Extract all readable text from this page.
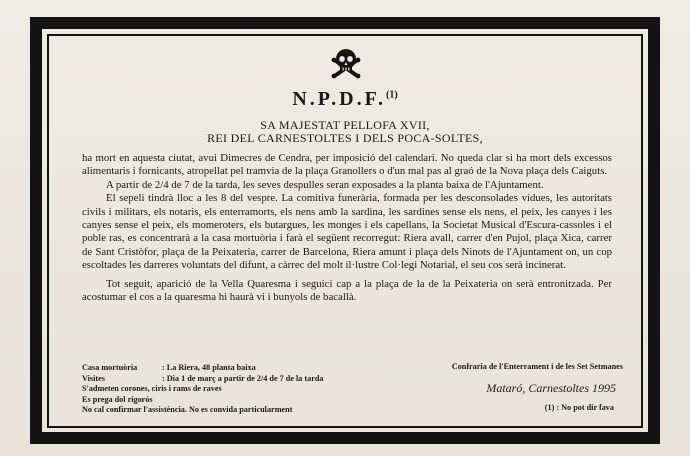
N.P.D.F.$^{(1)}$
SA MAJESTAT PELLOFA XVII,
REI DEL CARNESTOLTES I DELS POCA-SOLTES,

ha mort en aquesta ciutat, avui Dimecres de Cendra, per imposició del calendari. No queda clar si ha mort dels excessos alimentaris i fornicants, atropellat pel tramvia de la plaça Granollers o d'un mal pas al graó de la Nova plaça dels Caiguts.

A partir de 2/4 de 7 de la tarda, les seves despulles seran exposades a la planta baixa de l'Ajuntament.

El sepeli tindrà lloc a les 8 del vespre. La comitiva funerària, formada per les desconsolades vídues, les autoritats civils i militars, els notaris, els enterramorts, els nens amb la sardina, les sardines sense els nens, el peix, les canyes i les canyes sense el peix, els momeroters, els butargues, les monges i els capellans, la Societat Musical d'Escura-cassoles i el poble ras, es concentrarà a la casa mortuòria i farà el següent recorregut: Riera avall, carrer d'en Pujol, plaça Xica, carrer de Sant Cristòfor, plaça de la Peixateria, carrer de Barcelona, Riera amunt i plaça dels Ninots de l'Ajuntament on, un cop escoltades les darreres voluntats del difunt, a càrrec del molt il·lustre Col·legi Notarial, el seu cos serà incinerat.

Tot seguit, aparició de la Vella Quaresma i seguici cap a la plaça de la de la Peixateria on serà entronitzada. Per acostumar el cos a la quaresma hi haurà vi i bunyols de bacallà.

Casa mortuòria	: La Riera, 48 planta baixa
Visites	: Dia 1 de març a partir de 2/4 de 7 de la tarda
S'admeten corones, ciris i rams de raves
Es prega dol rigorós
No cal confirmar l'assistència. No es convida particularment
Confraria de l'Enterrament i de les Set Setmanes
Mataró, Carnestoltes 1995
(1) : No pot dir fava
